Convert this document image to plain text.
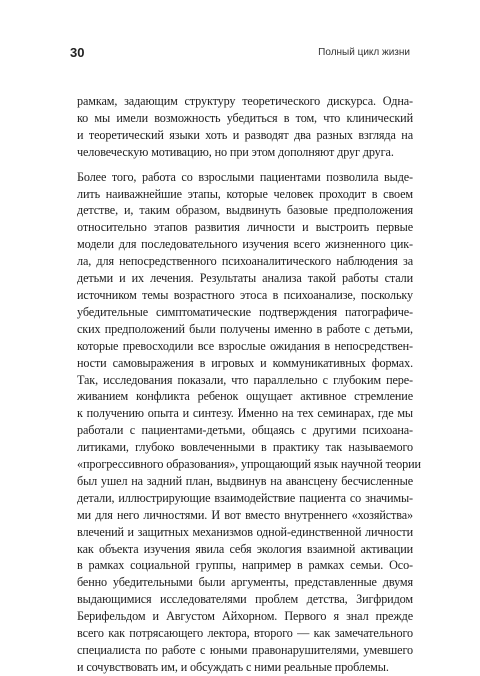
30	Полный цикл жизни

рамкам, задающим структуру теоретического дискурса. Одна-
ко мы имели возможность убедиться в том, что клинический
и теоретический языки хоть и разводят два разных взгляда на
человеческую мотивацию, но при этом дополняют друг друга.

Более того, работа со взрослыми пациентами позволила выде-
лить наиважнейшие этапы, которые человек проходит в своем
детстве, и, таким образом, выдвинуть базовые предположения
относительно этапов развития личности и выстроить первые
модели для последовательного изучения всего жизненного цик-
ла, для непосредственного психоаналитического наблюдения за
детьми и их лечения. Результаты анализа такой работы стали
источником темы возрастного этоса в психоанализе, поскольку
убедительные симптоматические подтверждения патографиче-
ских предположений были получены именно в работе с детьми,
которые превосходили все взрослые ожидания в непосредствен-
ности самовыражения в игровых и коммуникативных формах.
Так, исследования показали, что параллельно с глубоким пере-
живанием конфликта ребенок ощущает активное стремление
к получению опыта и синтезу. Именно на тех семинарах, где мы
работали с пациентами-детьми, общаясь с другими психоана-
литиками, глубоко вовлеченными в практику так называемого
«прогрессивного образования», упрощающий язык научной теории
был ушел на задний план, выдвинув на авансцену бесчисленные
детали, иллюстрирующие взаимодействие пациента со значимы-
ми для него личностями. И вот вместо внутреннего «хозяйства»
влечений и защитных механизмов одной-единственной личности
как объекта изучения явила себя экология взаимной активации
в рамках социальной группы, например в рамках семьи. Осо-
бенно убедительными были аргументы, представленные двумя
выдающимися исследователями проблем детства, Зигфридом
Берифельдом и Августом Айхорном. Первого я знал прежде
всего как потрясающего лектора, второго — как замечательного
специалиста по работе с юными правонарушителями, умевшего
и сочувствовать им, и обсуждать с ними реальные проблемы.
